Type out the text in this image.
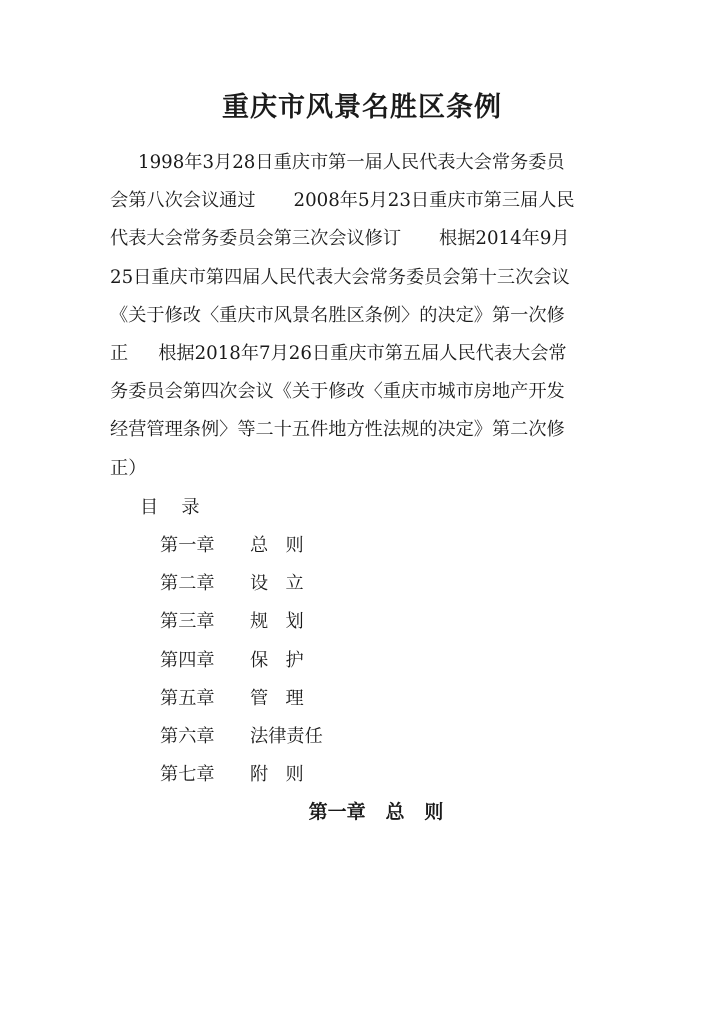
重庆市风景名胜区条例
1998年3月28日重庆市第一届人民代表大会常务委员
会第八次会议通过 2008年5月23日重庆市第三届人民
代表大会常务委员会第三次会议修订 根据2014年9月
25日重庆市第四届人民代表大会常务委员会第十三次会议
《关于修改〈重庆市风景名胜区条例〉的决定》第一次修
正 根据2018年7月26日重庆市第五届人民代表大会常
务委员会第四次会议《关于修改〈重庆市城市房地产开发
经营管理条例〉等二十五件地方性法规的决定》第二次修
正）
目    录
第一章 总   则
第二章 设   立
第三章 规   划
第四章 保   护
第五章 管   理
第六章 法律责任
第七章 附   则
第一章   总   则
